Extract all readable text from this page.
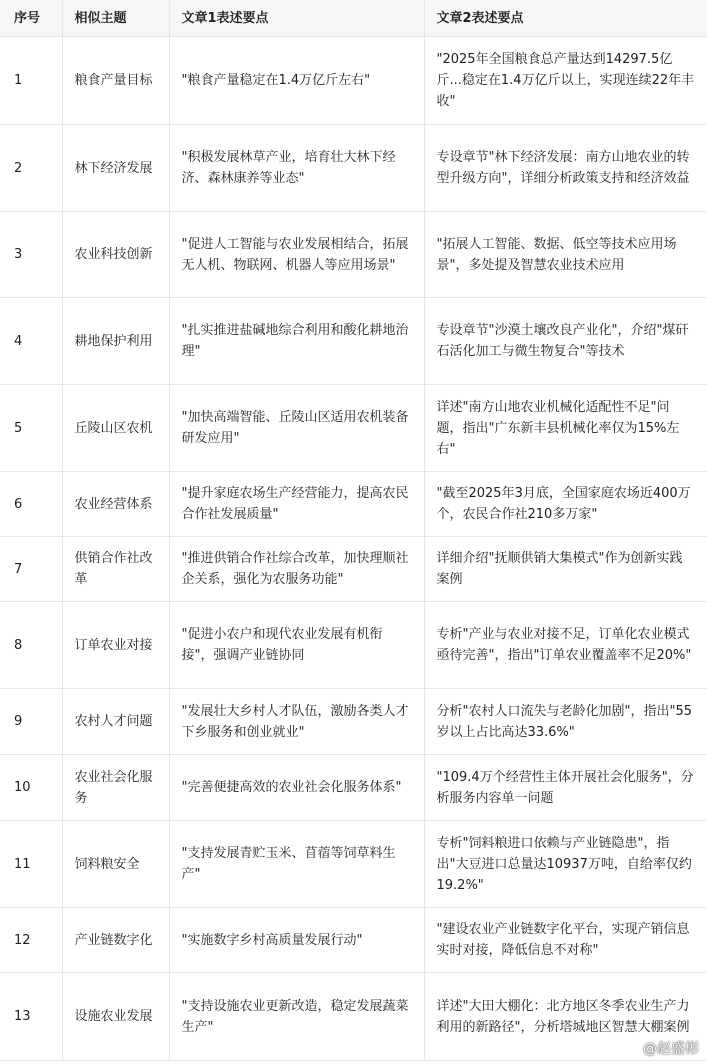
序号	相似主题	文章1表述要点	文章2表述要点
1	粮食产量目标	"粮食产量稳定在1.4万亿斤左右"	"2025年全国粮食总产量达到14297.5亿斤...稳定在1.4万亿斤以上，实现连续22年丰收"
2	林下经济发展	"积极发展林草产业，培育壮大林下经济、森林康养等业态"	专设章节"林下经济发展：南方山地农业的转型升级方向"，详细分析政策支持和经济效益
3	农业科技创新	"促进人工智能与农业发展相结合，拓展无人机、物联网、机器人等应用场景"	"拓展人工智能、数据、低空等技术应用场景"，多处提及智慧农业技术应用
4	耕地保护利用	"扎实推进盐碱地综合利用和酸化耕地治理"	专设章节"沙漠土壤改良产业化"，介绍"煤矸石活化加工与微生物复合"等技术
5	丘陵山区农机	"加快高端智能、丘陵山区适用农机装备研发应用"	详述"南方山地农业机械化适配性不足"问题，指出"广东新丰县机械化率仅为15%左右"
6	农业经营体系	"提升家庭农场生产经营能力，提高农民合作社发展质量"	"截至2025年3月底，全国家庭农场近400万个，农民合作社210多万家"
7	供销合作社改革	"推进供销合作社综合改革，加快理顺社企关系，强化为农服务功能"	详细介绍"抚顺供销大集模式"作为创新实践案例
8	订单农业对接	"促进小农户和现代农业发展有机衔接"，强调产业链协同	专析"产业与农业对接不足，订单化农业模式亟待完善"，指出"订单农业覆盖率不足20%"
9	农村人才问题	"发展壮大乡村人才队伍，激励各类人才下乡服务和创业就业"	分析"农村人口流失与老龄化加剧"，指出"55岁以上占比高达33.6%"
10	农业社会化服务	"完善便捷高效的农业社会化服务体系"	"109.4万个经营性主体开展社会化服务"，分析服务内容单一问题
11	饲料粮安全	"支持发展青贮玉米、苜蓿等饲草料生产"	专析"饲料粮进口依赖与产业链隐患"，指出"大豆进口总量达10937万吨，自给率仅约19.2%"
12	产业链数字化	"实施数字乡村高质量发展行动"	"建设农业产业链数字化平台，实现产销信息实时对接，降低信息不对称"
13	设施农业发展	"支持设施农业更新改造，稳定发展蔬菜生产"	详述"大田大棚化：北方地区冬季农业生产力利用的新路径"，分析塔城地区智慧大棚案例
@赵盛彬
